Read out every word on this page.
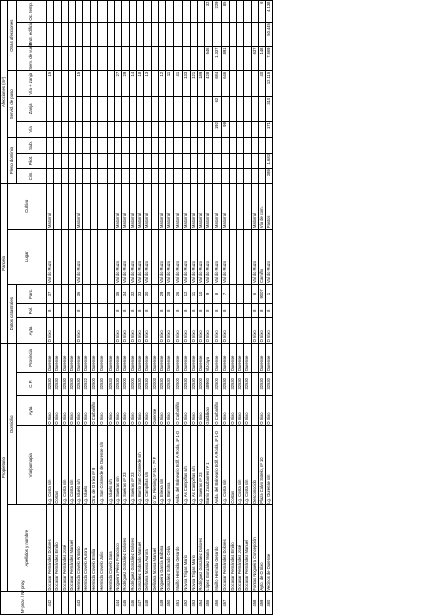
Nº prov. / Nº proy.	Propietario					Parcela					Afecciones (m²)								
	Apellidos y nombre	Domicilio				Datos catastrales			Lugar	Cultivo	Pleno dominio			Servid. de paso			Otras afecciones		
		Vía/pomapia	Ayto.	C.P.	Provincia	Ayto.	Pol.	Parc.			Cim.	Pilot.	Sub.	Vía	Zanja	Vía + zanja	Serv. de vuelo	Prot. edificio	Oc. temp.

442	Docasar Fernández Dolores	Lg. Costa s/n	O Irixo	32530	Ourense	O Irixo	8	37	Val do Ruzo	Matorral						15			
	Docasar Fernández Emilio	Costas	O Irixo	32530	Ourense														
	Docasar Fernández José	Lg. Costa s/n	O Irixo	32530	Ourense														
	Docasar Fernández Manuel	Lg. Costa s/n	O Irixo	32530	Ourense														
443	Hermida Covelo Antonio	Lg. Iduelo s/n	O Irixo	32530	Ourense	O Irixo	8	36	Val do Ruzo	Matorral						15			
	Hermida Covelo Aurora	Lg. Iduelo	O Irixo	32522	Ourense														
	Hermida Covelo Emilia	Ctra. de O Irixo nº 9	O Carballiño	32500	Ourense														
	Hermida Covelo Julio	Lg. San Cosmede de Ourense s/n	O Irixo	32530	Ourense														
	Hermida Covelo Sara	Lg. Iduelo s/n	O Irixo	32533	Ourense														
444	Nogueira Pérez Francisco	Lg. Sueiras s/n	O Irixo	32530	Ourense	O Irixo	8	35	Val do Ruzo	Matorral						27			
445	Rodríguez González Dolores	Lg. Sueiras nº 23	O Irixo	32000	Ourense	O Irixo	8	34	Val do Ruzo	Matorral						29			
446	Rodríguez González Dolores	Lg. Sueiras nº 23	O Irixo	32000	Ourense	O Irixo	8	32	Val do Ruzo	Matorral						14			
447	González Sobrado Manuel	Lg. Barrio San Cosmede s/n	O Irixo	32530	Ourense	O Irixo	8	33	Val do Ruzo	Matorral						18			
448	Dellama Novoa Aurora	Lg. Campiñas s/n	O Irixo	32530	Ourense	O Irixo	8	30	Val do Ruzo	Matorral						13			
	Dellama Novoa Manuel	c/ Dr. Fleming nº 51 - 7º F	Ourense	32003	Ourense														
449	Nogueira García Balbina	Lg. Eirexa s/n	O Irixo	32530	Ourense	O Irixo	8	29	Val do Ruzo	Matorral						12			
450	González Sobrado Celia	Lg. Barrosa	O Irixo	32530	Ourense	O Irixo	8	28	Val do Ruzo	Matorral						11			
451	Muiño Hermida Gerardo	Avda. del Balneario Edif. A Roda, 4º 1-D	O Carballiño	32500	Ourense	O Irixo	8	26	Val do Ruzo	Matorral						41			
452	Novoa Trigas Mario	Lg. As Campiñas s/n	O Irixo	32530	Ourense	O Irixo	8	12	Val do Ruzo	Matorral						133			
453	Novoa Trigas Mario	Lg. As Campiñas s/n	O Irixo	32530	Ourense	O Irixo	8	11	Val do Ruzo	Matorral						121			
454	Rodríguez González Dolores	Lg. Sueiras nº 23	O Irixo	32000	Ourense	O Irixo	8	10	Val do Ruzo	Matorral						189			
455	López González María	Barrio Zuazbarren nº 1	Galdákao	48960	Vizcaya	O Irixo	8	9	Val do Ruzo	Matorral						428	546		32
456	Muiño Hermida Gerardo	Avda. del Balneario Edif. A Roda, 4º 1-D	O Carballiño	32500	Ourense	O Irixo	8	8	Val do Ruzo	Matorral				192	62	684	1.337		229
457	Docasar Fernández Dolores	Lg. Costa s/n	O Irixo	32530	Ourense	O Irixo	8	7	Val do Ruzo	Matorral				99		646	891		85
	Docasar Fernández Emilio	Costas	O Irixo	32530	Ourense														
	Docasar Fernández José	Lg. Costa s/n	O Irixo	32530	Ourense														
	Docasar Fernández Manuel	Lg. Costa s/n	O Irixo	32530	Ourense														
458	Fontao Nogueira Concepción	Desconocido				O Irixo	8	6	Val do Ruzo	Matorral							637		
459	Ayto. de O Irixo	Plaza Calvo Sotelo, nº 10	O Irixo	32530	Ourense	O Irixo	8	9007	Camiño	Vía de com.						40	148		6
460	Vecinos de Ourense	Lg. Ourense s/n	O Irixo	32530	Ourense	O Irixo	8	1	Val do Ruzo	Pastos	289	1.683		171	310	12.115	7.669	50.445	4.138
